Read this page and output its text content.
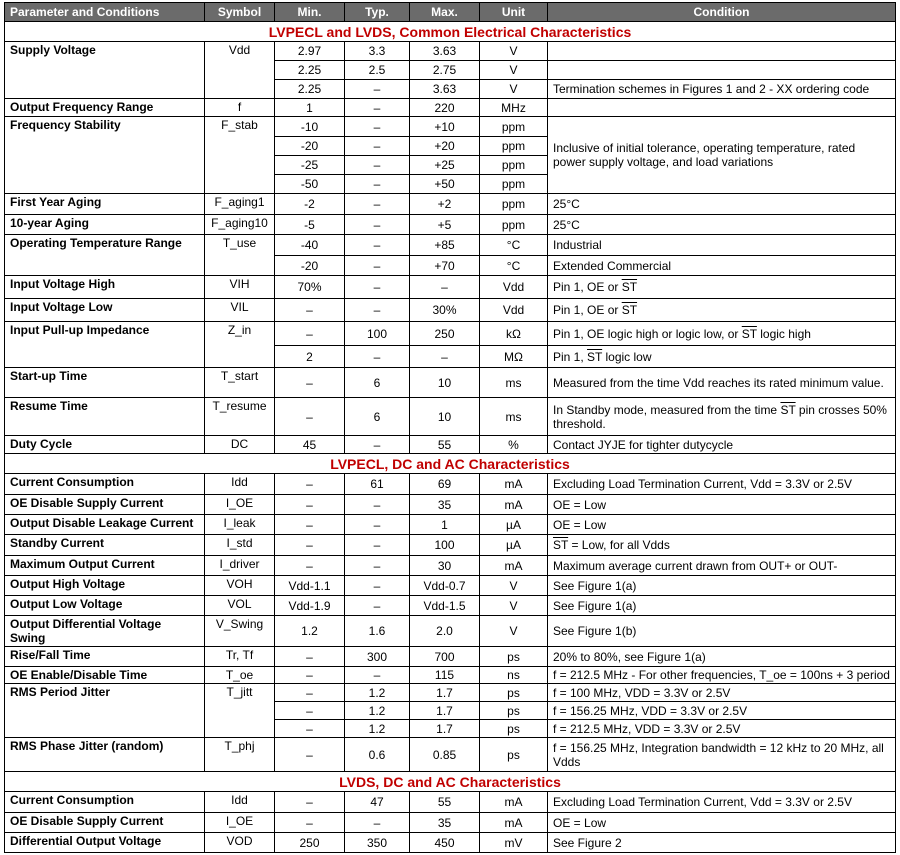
Parameter and Conditions	Symbol	Min.	Typ.	Max.	Unit	Condition
LVPECL and LVDS, Common Electrical Characteristics						
Supply Voltage	Vdd	2.97	3.3	3.63	V	
		2.25	2.5	2.75	V	
		2.25	–	3.63	V	Termination schemes in Figures 1 and 2 - XX ordering code
Output Frequency Range	f	1	–	220	MHz	
Frequency Stability	F_stab	-10	–	+10	ppm	Inclusive of initial tolerance, operating temperature, rated power supply voltage, and load variations
		-20	–	+20	ppm	
		-25	–	+25	ppm	
		-50	–	+50	ppm	
First Year Aging	F_aging1	-2	–	+2	ppm	25°C
10-year Aging	F_aging10	-5	–	+5	ppm	25°C
Operating Temperature Range	T_use	-40	–	+85	°C	Industrial
		-20	–	+70	°C	Extended Commercial
Input Voltage High	VIH	70%	–	–	Vdd	Pin 1, OE or $\overline{ST}$
Input Voltage Low	VIL	–	–	30%	Vdd	Pin 1, OE or $\overline{ST}$
Input Pull-up Impedance	Z_in	–	100	250	kΩ	Pin 1, OE logic high or logic low, or $\overline{ST}$ logic high
		2	–	–	MΩ	Pin 1, $\overline{ST}$ logic low
Start-up Time	T_start	–	6	10	ms	Measured from the time Vdd reaches its rated minimum value.
Resume Time	T_resume	–	6	10	ms	In Standby mode, measured from the time $\overline{ST}$ pin crosses 50% threshold.
Duty Cycle	DC	45	–	55	%	Contact JYJE for tighter dutycycle
LVPECL, DC and AC Characteristics						
Current Consumption	Idd	–	61	69	mA	Excluding Load Termination Current, Vdd = 3.3V or 2.5V
OE Disable Supply Current	I_OE	–	–	35	mA	OE = Low
Output Disable Leakage Current	I_leak	–	–	1	µA	OE = Low
Standby Current	I_std	–	–	100	µA	$\overline{ST}$ = Low, for all Vdds
Maximum Output Current	I_driver	–	–	30	mA	Maximum average current drawn from OUT+ or OUT-
Output High Voltage	VOH	Vdd-1.1	–	Vdd-0.7	V	See Figure 1(a)
Output Low Voltage	VOL	Vdd-1.9	–	Vdd-1.5	V	See Figure 1(a)
Output Differential Voltage Swing	V_Swing	1.2	1.6	2.0	V	See Figure 1(b)
Rise/Fall Time	Tr, Tf	–	300	700	ps	20% to 80%, see Figure 1(a)
OE Enable/Disable Time	T_oe	–	–	115	ns	f = 212.5 MHz - For other frequencies, T_oe = 100ns + 3 period
RMS Period Jitter	T_jitt	–	1.2	1.7	ps	f = 100 MHz, VDD = 3.3V or 2.5V
		–	1.2	1.7	ps	f = 156.25 MHz, VDD = 3.3V or 2.5V
		–	1.2	1.7	ps	f = 212.5 MHz, VDD = 3.3V or 2.5V
RMS Phase Jitter (random)	T_phj	–	0.6	0.85	ps	f = 156.25 MHz, Integration bandwidth = 12 kHz to 20 MHz, all Vdds
LVDS, DC and AC Characteristics						
Current Consumption	Idd	–	47	55	mA	Excluding Load Termination Current, Vdd = 3.3V or 2.5V
OE Disable Supply Current	I_OE	–	–	35	mA	OE = Low
Differential Output Voltage	VOD	250	350	450	mV	See Figure 2
